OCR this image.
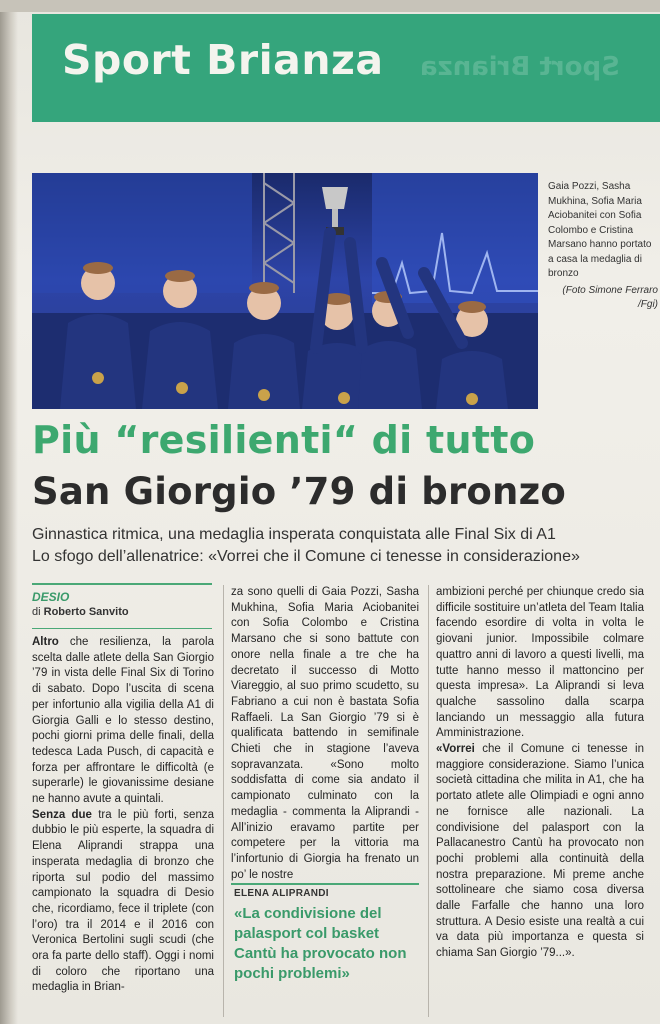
Sport Brianza
Sport Brianza
Gaia Pozzi, Sasha Mukhina, Sofia Maria Aciobanitei con Sofia Colombo e Cristina Marsano hanno portato a casa la medaglia di bronzo
(Foto Simone Ferraro /Fgi)
Più “resilienti“ di tutto
San Giorgio ’79 di bronzo
Ginnastica ritmica, una medaglia insperata conquistata alle Final Six di A1
Lo sfogo dell’allenatrice: «Vorrei che il Comune ci tenesse in considerazione»
DESIO
di Roberto Sanvito

Altro che resilienza, la parola scelta dalle atlete della San Giorgio ’79 in vista delle Final Six di Torino di sabato. Dopo l’uscita di scena per infortunio alla vigilia della A1 di Giorgia Galli e lo stesso destino, pochi giorni prima delle finali, della tedesca Lada Pusch, di capacità e forza per affrontare le difficoltà (e superarle) le giovanissime desiane ne hanno avute a quintali.

Senza due tra le più forti, senza dubbio le più esperte, la squadra di Elena Aliprandi strappa una insperata medaglia di bronzo che riporta sul podio del massimo campionato la squadra di Desio che, ricordiamo, fece il triplete (con l’oro) tra il 2014 e il 2016 con Veronica Bertolini sugli scudi (che ora fa parte dello staff). Oggi i nomi di coloro che riportano una medaglia in Brian-

za sono quelli di Gaia Pozzi, Sasha Mukhina, Sofia Maria Aciobanitei con Sofia Colombo e Cristina Marsano che si sono battute con onore nella finale a tre che ha decretato il successo di Motto Viareggio, al suo primo scudetto, su Fabriano a cui non è bastata Sofia Raffaeli. La San Giorgio ’79 si è qualificata battendo in semifinale Chieti che in stagione l’aveva sopravanzata. «Sono molto soddisfatta di come sia andato il campionato culminato con la medaglia - commenta la Aliprandi - All’inizio eravamo partite per competere per la vittoria ma l’infortunio di Giorgia ha frenato un po’ le nostre

ELENA ALIPRANDI
«La condivisione del palasport col basket Cantù ha provocato non pochi problemi»

ambizioni perché per chiunque credo sia difficile sostituire un’atleta del Team Italia facendo esordire di volta in volta le giovani junior. Impossibile colmare quattro anni di lavoro a questi livelli, ma tutte hanno messo il mattoncino per questa impresa». La Aliprandi si leva qualche sassolino dalla scarpa lanciando un messaggio alla futura Amministrazione.

«Vorrei che il Comune ci tenesse in maggiore considerazione. Siamo l’unica società cittadina che milita in A1, che ha portato atlete alle Olimpiadi e ogni anno ne fornisce alle nazionali. La condivisione del palasport con la Pallacanestro Cantù ha provocato non pochi problemi alla continuità della nostra preparazione. Mi preme anche sottolineare che siamo cosa diversa dalle Farfalle che hanno una loro struttura. A Desio esiste una realtà a cui va data più importanza e questa si chiama San Giorgio ’79...».
